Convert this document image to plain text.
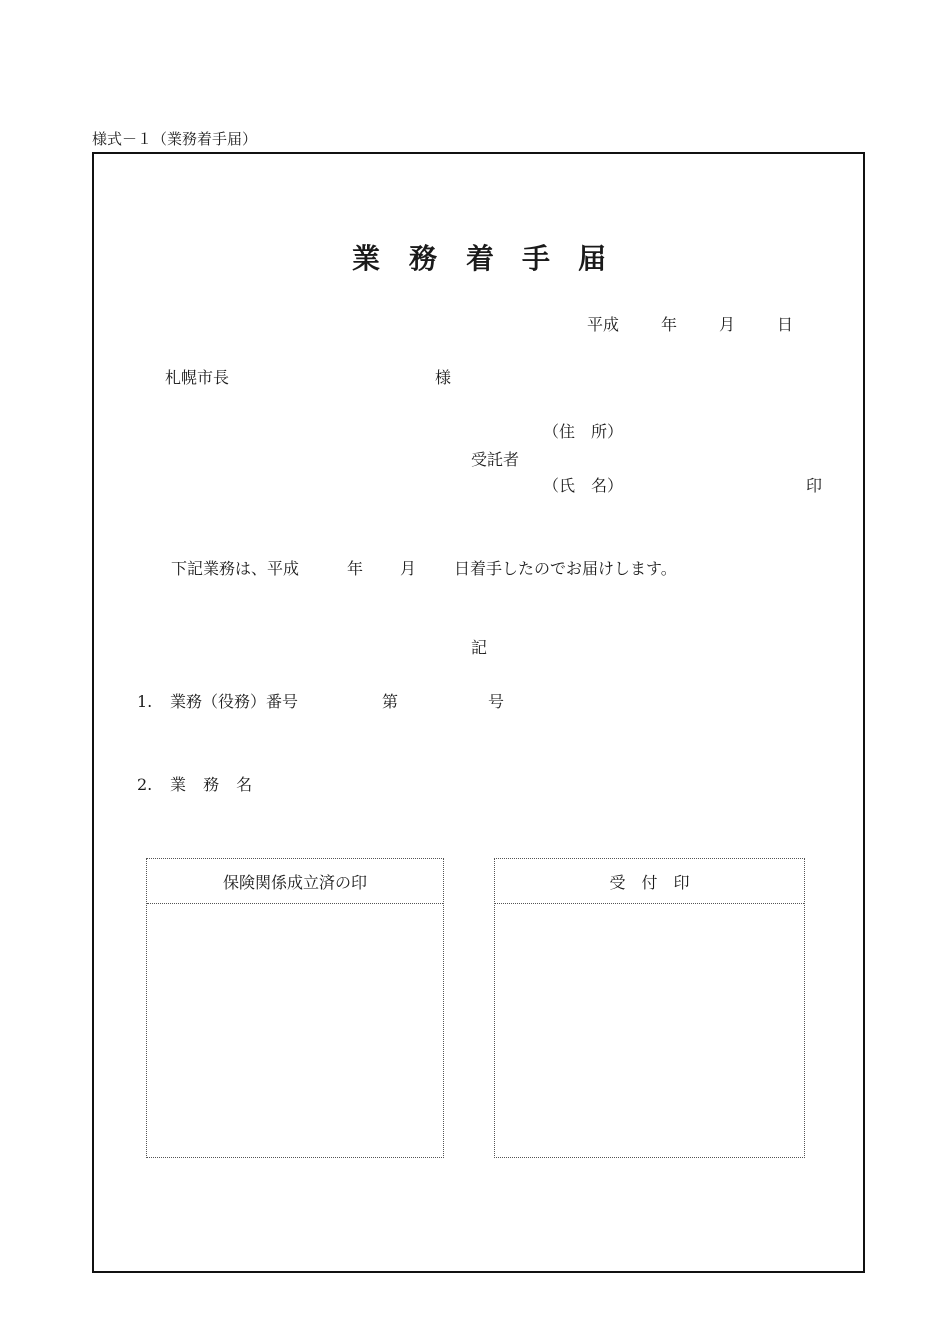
様式－１（業務着手届）
業 務 着 手 届
平成	年	月	日
札幌市長	様
（住　所）
受託者
（氏　名）	印
下記業務は、平成	年 月 日着手したのでお届けします。
記
1. 業務（役務）番号	第	号
2. 業 務 名
保険関係成立済の印	受　付　印
